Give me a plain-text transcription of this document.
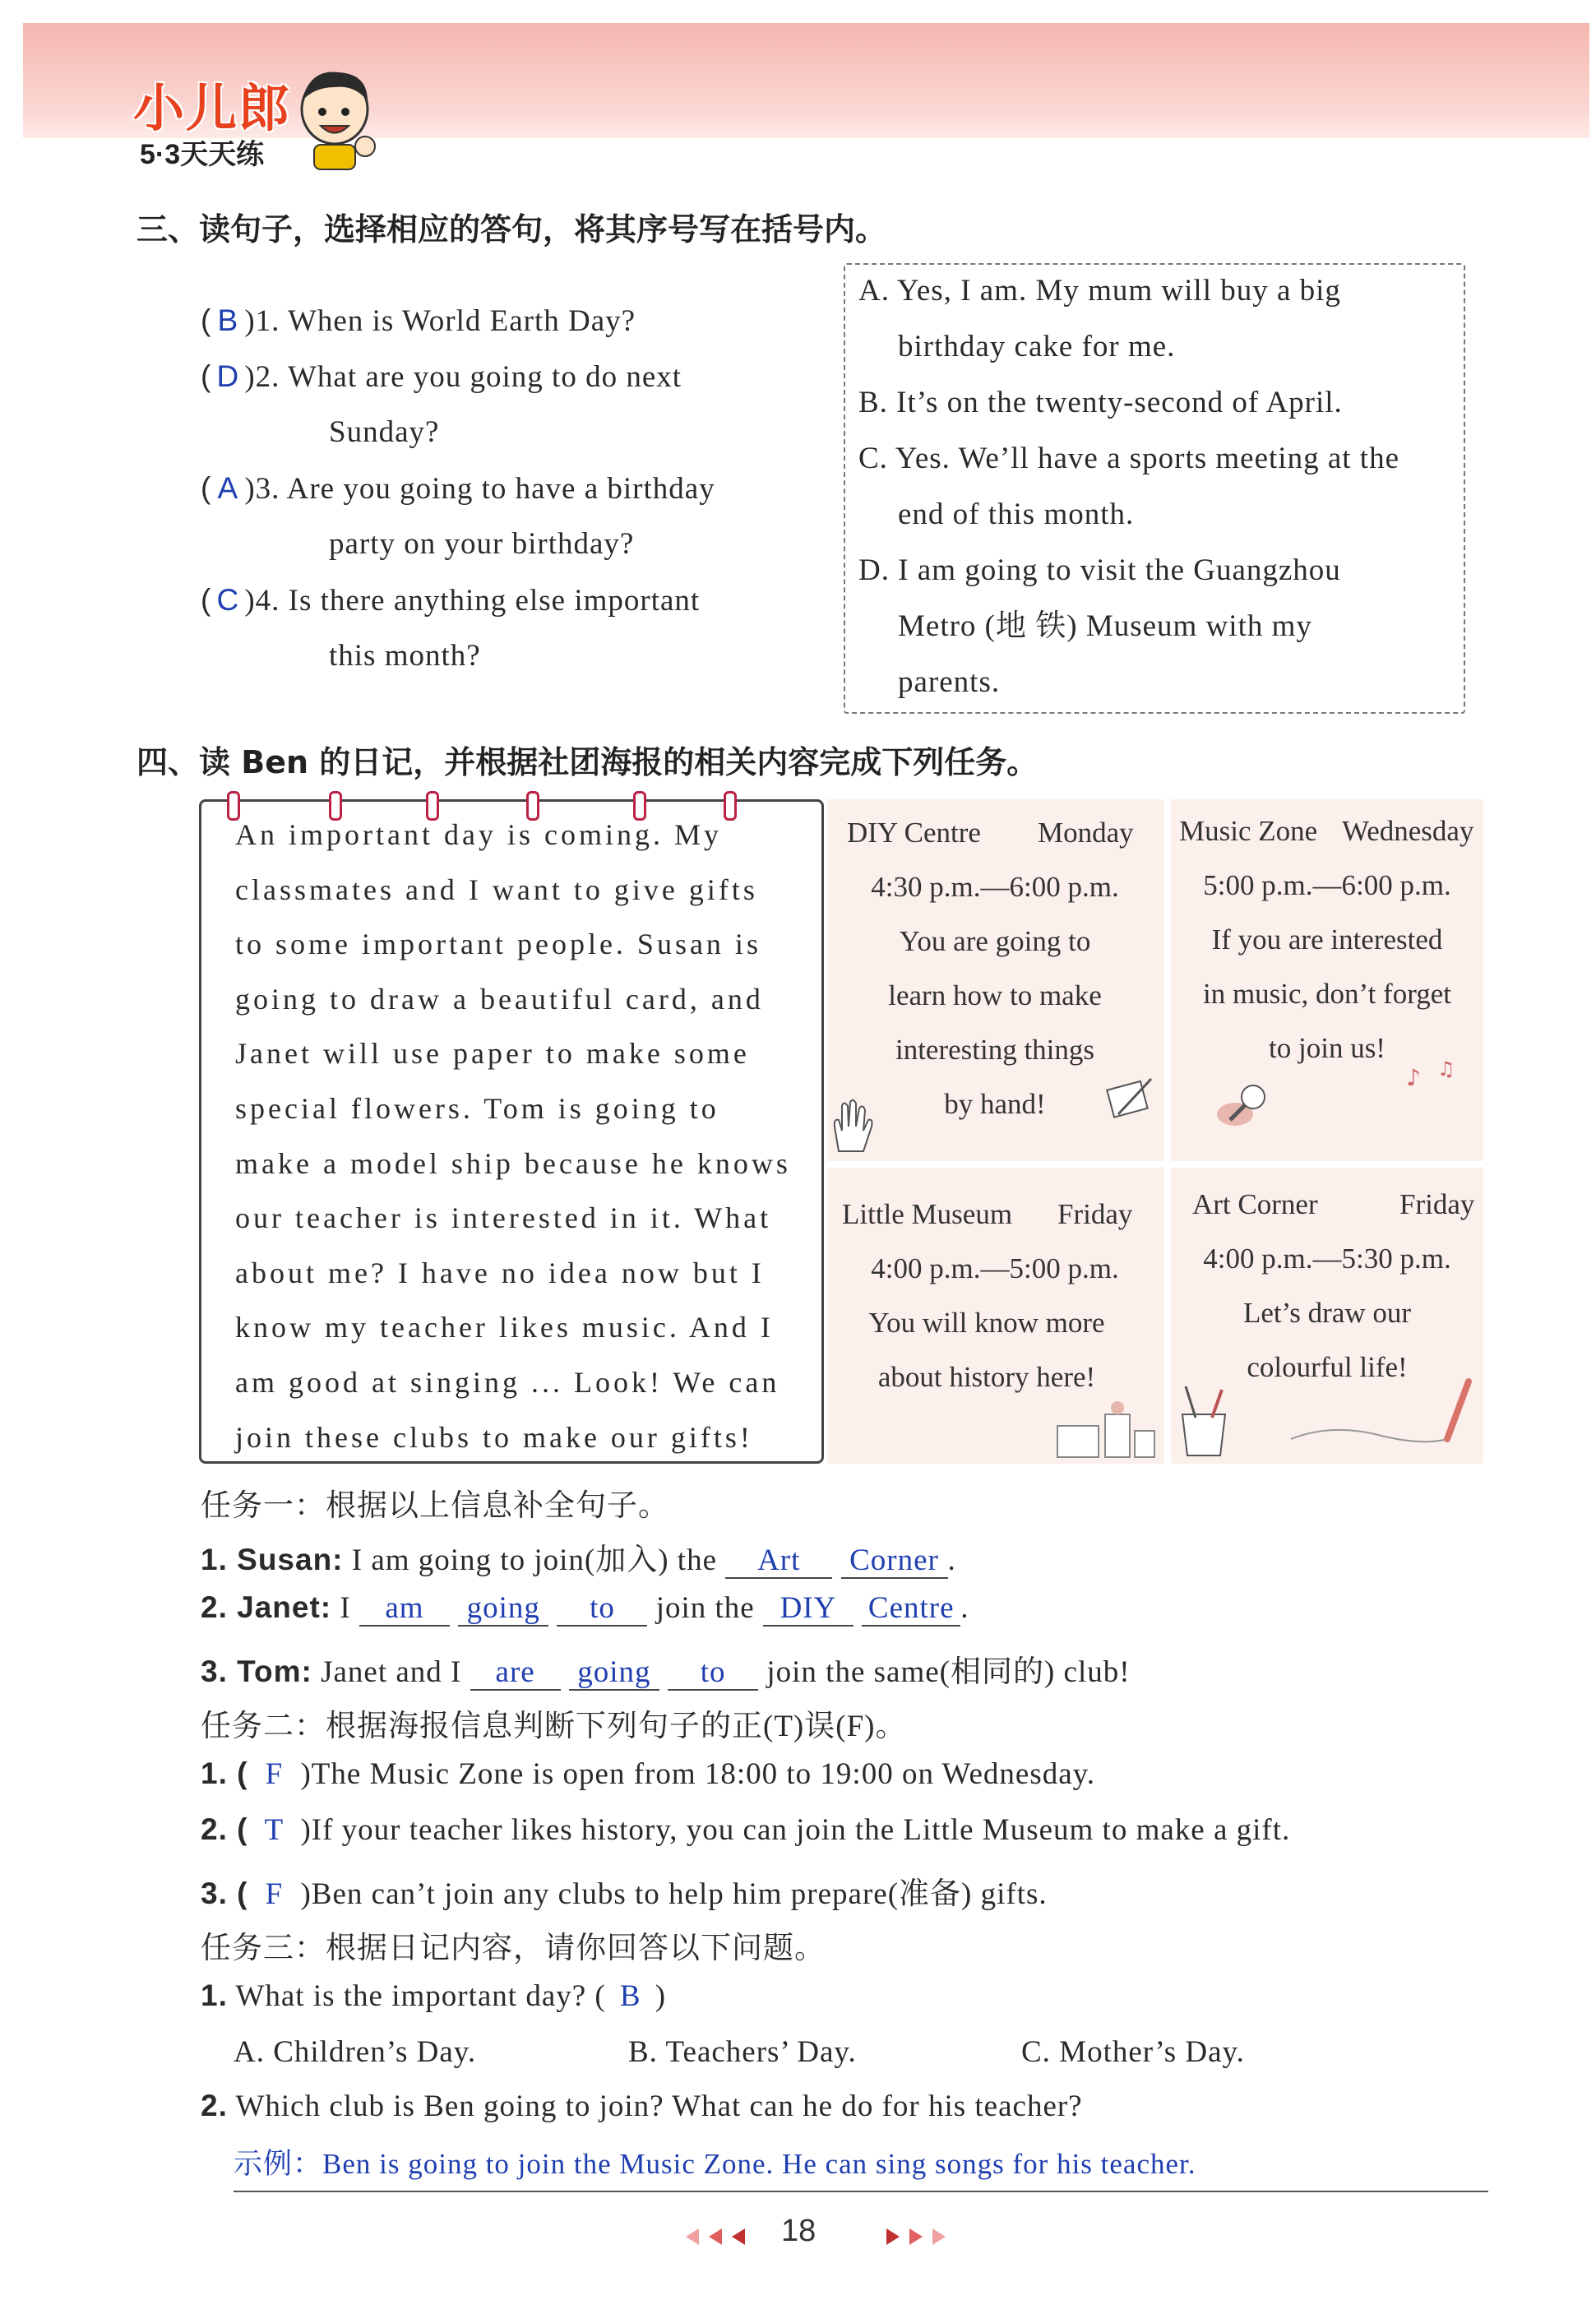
小儿郎
5·3天天练
三、读句子，选择相应的答句，将其序号写在括号内。
( B )1. When is World Earth Day?
( D )2. What are you going to do next
Sunday?
( A )3. Are you going to have a birthday
party on your birthday?
( C )4. Is there anything else important
this month?
A. Yes, I am. My mum will buy a big
birthday cake for me.
B. It’s on the twenty-second of April.
C. Yes. We’ll have a sports meeting at the
end of this month.
D. I am going to visit the Guangzhou
Metro (地 铁) Museum with my
parents.
四、读 Ben 的日记，并根据社团海报的相关内容完成下列任务。
An important day is coming. My
classmates and I want to give gifts
to some important people. Susan is
going to draw a beautiful card, and
Janet will use paper to make some
special flowers. Tom is going to
make a model ship because he knows
our teacher is interested in it. What
about me? I have no idea now but I
know my teacher likes music. And I
am good at singing ... Look! We can
join these clubs to make our gifts!
DIY Centre Monday
4:30 p.m.—6:00 p.m.
You are going to
learn how to make
interesting things
by hand!
Music Zone Wednesday
5:00 p.m.—6:00 p.m.
If you are interested
in music, don’t forget
to join us!
♪ ♫
Little Museum Friday
4:00 p.m.—5:00 p.m.
You will know more
about history here!
Art Corner	Friday
4:00 p.m.—5:30 p.m.
Let’s draw our
colourful life!
任务一：根据以上信息补全句子。
1. Susan: I am going to join(加入) the Art Corner .
2. Janet: I am going to join the DIY Centre .
3. Tom: Janet and I are going to join the same(相同的) club!
任务二：根据海报信息判断下列句子的正(T)误(F)。
1. ( F )The Music Zone is open from 18:00 to 19:00 on Wednesday.
2. ( T )If your teacher likes history, you can join the Little Museum to make a gift.
3. ( F )Ben can’t join any clubs to help him prepare(准备) gifts.
任务三：根据日记内容，请你回答以下问题。
1. What is the important day? ( B )
A. Children’s Day.	B. Teachers’ Day.	C. Mother’s Day.
2. Which club is Ben going to join? What can he do for his teacher?
示例：Ben is going to join the Music Zone. He can sing songs for his teacher.
18
